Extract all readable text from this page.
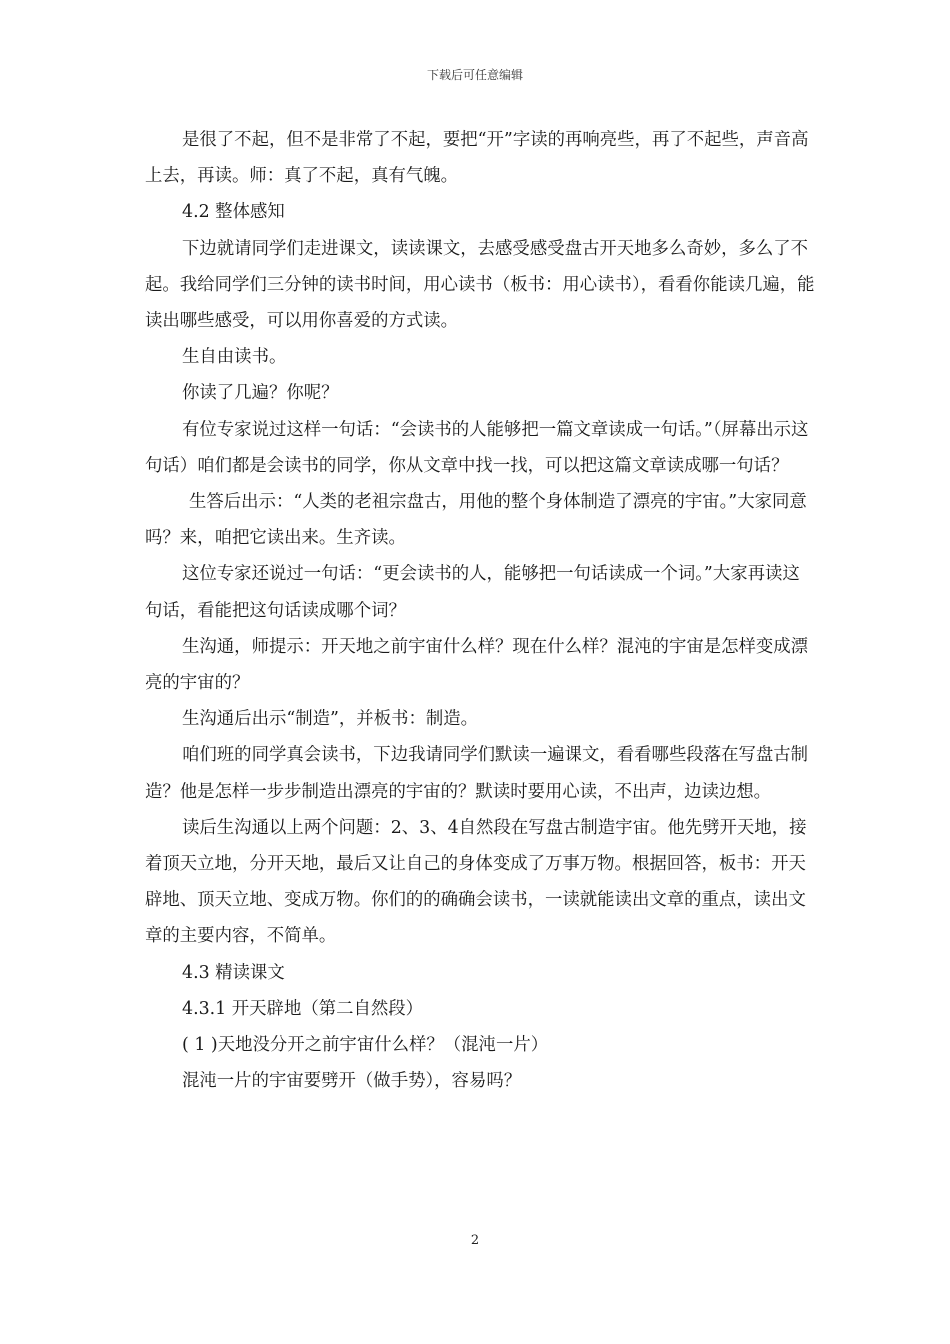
下载后可任意编辑

是很了不起，但不是非常了不起，要把“开”字读的再响亮些，再了不起些，声音高上去，再读。师：真了不起，真有气魄。

4.2 整体感知

下边就请同学们走进课文，读读课文，去感受感受盘古开天地多么奇妙，多么了不起。我给同学们三分钟的读书时间，用心读书（板书：用心读书），看看你能读几遍，能读出哪些感受，可以用你喜爱的方式读。

生自由读书。

你读了几遍？你呢？

有位专家说过这样一句话：“会读书的人能够把一篇文章读成一句话。”（屏幕出示这句话）咱们都是会读书的同学，你从文章中找一找，可以把这篇文章读成哪一句话？

生答后出示：“人类的老祖宗盘古，用他的整个身体制造了漂亮的宇宙。”大家同意吗？来，咱把它读出来。生齐读。

这位专家还说过一句话：“更会读书的人，能够把一句话读成一个词。”大家再读这句话，看能把这句话读成哪个词？

生沟通，师提示：开天地之前宇宙什么样？现在什么样？混沌的宇宙是怎样变成漂亮的宇宙的？

生沟通后出示“制造”，并板书：制造。

咱们班的同学真会读书，下边我请同学们默读一遍课文，看看哪些段落在写盘古制造？他是怎样一步步制造出漂亮的宇宙的？默读时要用心读，不出声，边读边想。

读后生沟通以上两个问题：2、3、4自然段在写盘古制造宇宙。他先劈开天地，接着顶天立地，分开天地，最后又让自己的身体变成了万事万物。根据回答，板书：开天辟地、顶天立地、变成万物。你们的的确确会读书，一读就能读出文章的重点，读出文章的主要内容，不简单。

4.3 精读课文

4.3.1 开天辟地（第二自然段）

( 1 )天地没分开之前宇宙什么样？（混沌一片）

混沌一片的宇宙要劈开（做手势），容易吗？

2
